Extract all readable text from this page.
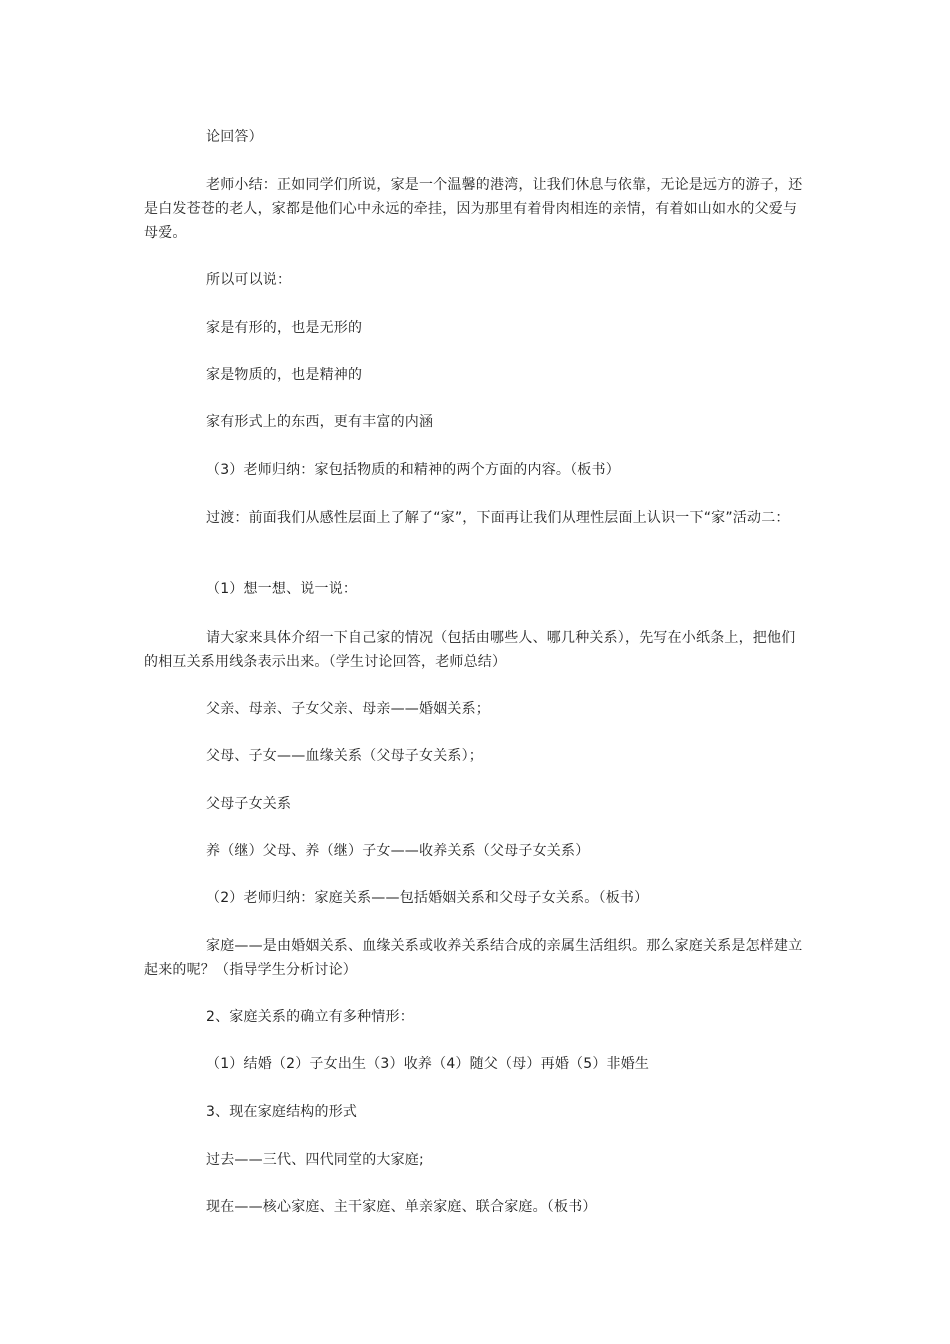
论回答）

老师小结：正如同学们所说，家是一个温馨的港湾，让我们休息与依靠，无论是远方的游子，还是白发苍苍的老人，家都是他们心中永远的牵挂，因为那里有着骨肉相连的亲情，有着如山如水的父爱与母爱。

所以可以说：

家是有形的，也是无形的

家是物质的，也是精神的

家有形式上的东西，更有丰富的内涵

（3）老师归纳：家包括物质的和精神的两个方面的内容。（板书）

过渡：前面我们从感性层面上了解了“家”，下面再让我们从理性层面上认识一下“家”活动二：

（1）想一想、说一说：

请大家来具体介绍一下自己家的情况（包括由哪些人、哪几种关系），先写在小纸条上，把他们的相互关系用线条表示出来。（学生讨论回答，老师总结）

父亲、母亲、子女父亲、母亲——婚姻关系；

父母、子女——血缘关系（父母子女关系）；

父母子女关系

养（继）父母、养（继）子女——收养关系（父母子女关系）

（2）老师归纳：家庭关系——包括婚姻关系和父母子女关系。（板书）

家庭——是由婚姻关系、血缘关系或收养关系结合成的亲属生活组织。那么家庭关系是怎样建立起来的呢？（指导学生分析讨论）

2、家庭关系的确立有多种情形：

（1）结婚（2）子女出生（3）收养（4）随父（母）再婚（5）非婚生

3、现在家庭结构的形式

过去——三代、四代同堂的大家庭;

现在——核心家庭、主干家庭、单亲家庭、联合家庭。（板书）
